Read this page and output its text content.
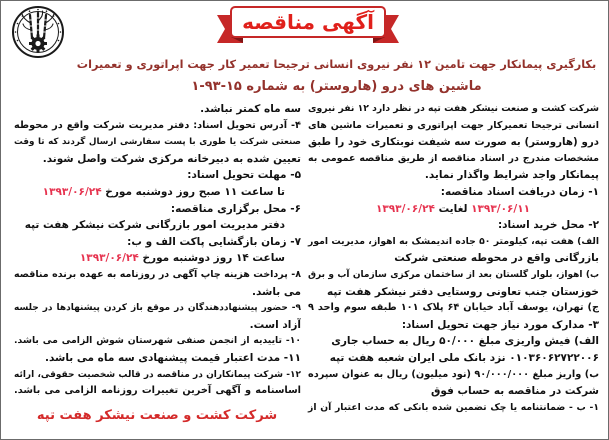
آگهی مناقصه
بکارگیری پیمانکار جهت تامین ۱۲ نفر نیروی انسانی ترجیحا تعمیر کار جهت اپراتوری و تعمیرات
ماشین های درو (هاروستر) به شماره ۱۵-۹۳-۱
شرکت کشت و صنعت نیشکر هفت تپه در نظر دارد ۱۲ نفر نیروی
انسانی ترجیحا تعمیرکار جهت اپراتوری و تعمیرات ماشین های
درو (هاروستر) به صورت سه شیفت نوبتکاری خود را طبق
مشخصات مندرج در اسناد مناقصه از طریق مناقصه عمومی به
پیمانکار واجد شرایط واگذار نماید.
۱- زمان دریافت اسناد مناقصه:
۱۳۹۳/۰۶/۱۱ لغایت ۱۳۹۳/۰۶/۲۴
۲- محل خرید اسناد:
الف) هفت تپه، کیلومتر ۵۰ جاده اندیمشک به اهواز، مدیریت امور
بازرگانی واقع در محوطه صنعتی شرکت
ب) اهواز، بلوار گلستان بعد از ساختمان مرکزی سازمان آب و برق
خوزستان جنب تعاونی روستایی دفتر نیشکر هفت تپه
ج) تهران، یوسف آباد خیابان ۶۴ پلاک ۱۰۱ طبقه سوم واحد ۹
۳- مدارک مورد نیاز جهت تحویل اسناد:
الف) فیش واریزی مبلغ ۵۰/۰۰۰ ریال به حساب جاری
۰۱۰۳۶۰۶۲۷۲۲۰۰۶ نزد بانک ملی ایران شعبه هفت تپه
ب) واریز مبلغ ۹۰/۰۰۰/۰۰۰ (نود میلیون) ریال به عنوان سپرده
شرکت در مناقصه به حساب فوق
۱- ب - ضمانتنامه یا چک تضمین شده بانکی که مدت اعتبار آن از
سه ماه کمتر نباشد.
۴- آدرس تحویل اسناد: دفتر مدیریت شرکت واقع در محوطه
صنعتی شرکت یا طوری با پست سفارشی ارسال گردند که تا وقت
تعیین شده به دبیرخانه مرکزی شرکت واصل شوند.
۵- مهلت تحویل اسناد:
تا ساعت ۱۱ صبح روز دوشنبه مورخ ۱۳۹۳/۰۶/۲۴
۶- محل برگزاری مناقصه:
دفتر مدیریت امور بازرگانی شرکت نیشکر هفت تپه
۷- زمان بازگشایی پاکت الف و ب:
ساعت ۱۴ روز دوشنبه مورخ ۱۳۹۳/۰۶/۲۴
۸- پرداخت هزینه چاپ آگهی در روزنامه به عهده برنده مناقصه
می باشد.
۹- حضور پیشنهاددهندگان در موقع باز کردن پیشنهادها در جلسه
آزاد است.
۱۰- تاییدیه از انجمن صنفی شهرستان شوش الزامی می باشد.
۱۱- مدت اعتبار قیمت پیشنهادی سه ماه می باشد.
۱۲- شرکت پیمانکاران در مناقصه در قالب شخصیت حقوقی، ارائه
اساسنامه و آگهی آخرین تغییرات روزنامه الزامی می باشد.
شرکت کشت و صنعت نیشکر هفت تپه
